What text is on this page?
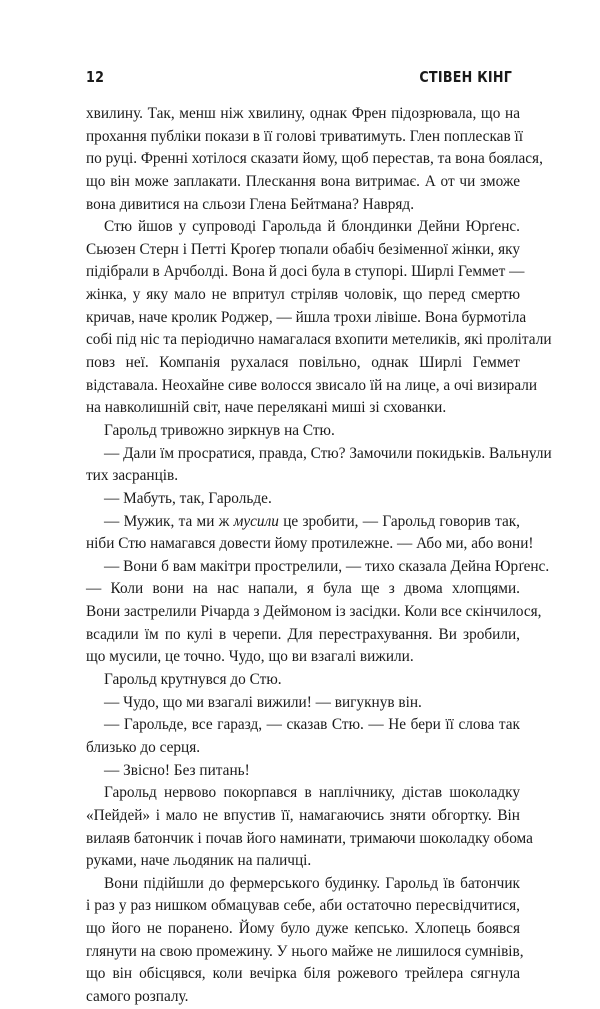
12	СТІВЕН КІНГ
хвилину. Так, менш ніж хвилину, однак Френ підозрювала, що на
прохання публіки покази в її голові триватимуть. Глен поплескав її
по руці. Френні хотілося сказати йому, щоб перестав, та вона боялася,
що він може заплакати. Плескання вона витримає. А от чи зможе
вона дивитися на сльози Глена Бейтмана? Навряд.
Стю йшов у супроводі Гарольда й блондинки Дейни Юрґенс.
Сьюзен Стерн і Петті Кроґер тюпали обабіч безіменної жінки, яку
підібрали в Арчболді. Вона й досі була в ступорі. Ширлі Геммет —
жінка, у яку мало не впритул стріляв чоловік, що перед смертю
кричав, наче кролик Роджер, — йшла трохи лівіше. Вона бурмотіла
собі під ніс та періодично намагалася вхопити метеликів, які пролітали
повз неї. Компанія рухалася повільно, однак Ширлі Геммет
відставала. Неохайне сиве волосся звисало їй на лице, а очі визирали
на навколишній світ, наче перелякані миші зі схованки.
Гарольд тривожно зиркнув на Стю.
— Дали їм просратися, правда, Стю? Замочили покидьків. Вальнули
тих засранців.
— Мабуть, так, Гарольде.
— Мужик, та ми ж мусили це зробити, — Гарольд говорив так,
ніби Стю намагався довести йому протилежне. — Або ми, або вони!
— Вони б вам макітри прострелили, — тихо сказала Дейна Юрґенс.
— Коли вони на нас напали, я була ще з двома хлопцями.
Вони застрелили Річарда з Деймоном із засідки. Коли все скінчилося,
всадили їм по кулі в черепи. Для перестрахування. Ви зробили,
що мусили, це точно. Чудо, що ви взагалі вижили.
Гарольд крутнувся до Стю.
— Чудо, що ми взагалі вижили! — вигукнув він.
— Гарольде, все гаразд, — сказав Стю. — Не бери її слова так
близько до серця.
— Звісно! Без питань!
Гарольд нервово покорпався в наплічнику, дістав шоколадку
«Пейдей» і мало не впустив її, намагаючись зняти обгортку. Він
вилаяв батончик і почав його наминати, тримаючи шоколадку обома
руками, наче льодяник на паличці.
Вони підійшли до фермерського будинку. Гарольд їв батончик
і раз у раз нишком обмацував себе, аби остаточно пересвідчитися,
що його не поранено. Йому було дуже кепсько. Хлопець боявся
глянути на свою промежину. У нього майже не лишилося сумнівів,
що він обісцявся, коли вечірка біля рожевого трейлера сягнула
самого розпалу.
